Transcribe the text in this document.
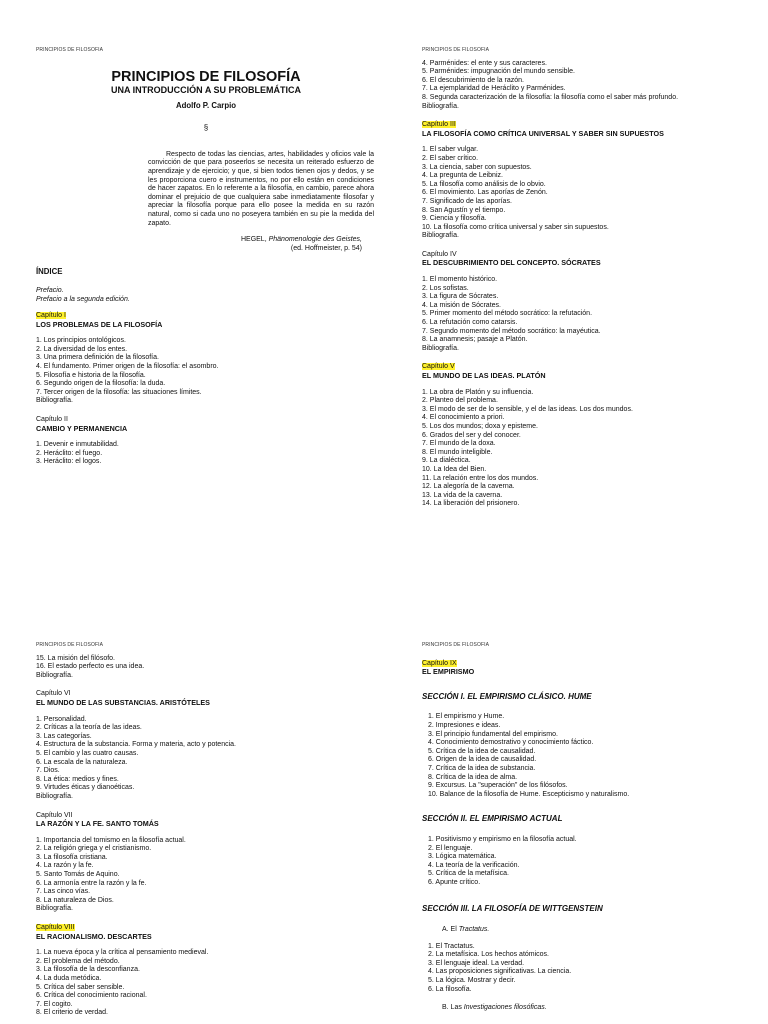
PRINCIPIOS DE FILOSOFIA
PRINCIPIOS DE FILOSOFÍA
UNA INTRODUCCIÓN A SU PROBLEMÁTICA
Adolfo P. Carpio
§
Respecto de todas las ciencias, artes, habilidades y oficios vale la convicción de que para poseerlos se necesita un reiterado esfuerzo de aprendizaje y de ejercicio; y que, si bien todos tienen ojos y dedos, y se les proporciona cuero e instrumentos, no por ello están en condiciones de hacer zapatos. En lo referente a la filosofía, en cambio, parece ahora dominar el prejuicio de que cualquiera sabe inmediatamente filosofar y apreciar la filosofía porque para ello posee la medida en su razón natural, como si cada uno no poseyera también en su pie la medida del zapato.
HEGEL, Phänomenologie des Geistes,
(ed. Hoffmeister, p. 54)
ÍNDICE
Prefacio.
Prefacio a la segunda edición.
Capítulo I
LOS PROBLEMAS DE LA FILOSOFÍA
1. Los principios ontológicos.
2. La diversidad de los entes.
3. Una primera definición de la filosofía.
4. El fundamento. Primer origen de la filosofía: el asombro.
5. Filosofía e historia de la filosofía.
6. Segundo origen de la filosofía: la duda.
7. Tercer origen de la filosofía: las situaciones límites.
Bibliografía.
Capítulo II
CAMBIO Y PERMANENCIA
1. Devenir e inmutabilidad.
2. Heráclito: el fuego.
3. Heráclito: el logos.
PRINCIPIOS DE FILOSOFIA
4. Parménides: el ente y sus caracteres.
5. Parménides: impugnación del mundo sensible.
6. El descubrimiento de la razón.
7. La ejemplaridad de Heráclito y Parménides.
8. Segunda caracterización de la filosofía: la filosofía como el saber más profundo.
Bibliografía.
Capítulo III
LA FILOSOFÍA COMO CRÍTICA UNIVERSAL Y SABER SIN SUPUESTOS
1. El saber vulgar.
2. El saber crítico.
3. La ciencia, saber con supuestos.
4. La pregunta de Leibniz.
5. La filosofía como análisis de lo obvio.
6. El movimiento. Las aporías de Zenón.
7. Significado de las aporías.
8. San Agustín y el tiempo.
9. Ciencia y filosofía.
10. La filosofía como crítica universal y saber sin supuestos.
Bibliografía.
Capítulo IV
EL DESCUBRIMIENTO DEL CONCEPTO. SÓCRATES
1. El momento histórico.
2. Los sofistas.
3. La figura de Sócrates.
4. La misión de Sócrates.
5. Primer momento del método socrático: la refutación.
6. La refutación como catarsis.
7. Segundo momento del método socrático: la mayéutica.
8. La anamnesis; pasaje a Platón.
Bibliografía.
Capítulo V
EL MUNDO DE LAS IDEAS. PLATÓN
1. La obra de Platón y su influencia.
2. Planteo del problema.
3. El modo de ser de lo sensible, y el de las ideas. Los dos mundos.
4. El conocimiento a priori.
5. Los dos mundos; doxa y episteme.
6. Grados del ser y del conocer.
7. El mundo de la doxa.
8. El mundo inteligible.
9. La dialéctica.
10. La Idea del Bien.
11. La relación entre los dos mundos.
12. La alegoría de la caverna.
13. La vida de la caverna.
14. La liberación del prisionero.
PRINCIPIOS DE FILOSOFIA
15. La misión del filósofo.
16. El estado perfecto es una idea.
Bibliografía.
Capítulo VI
EL MUNDO DE LAS SUBSTANCIAS. ARISTÓTELES
1. Personalidad.
2. Críticas a la teoría de las ideas.
3. Las categorías.
4. Estructura de la substancia. Forma y materia, acto y potencia.
5. El cambio y las cuatro causas.
6. La escala de la naturaleza.
7. Dios.
8. La ética: medios y fines.
9. Virtudes éticas y dianoéticas.
Bibliografía.
Capítulo VII
LA RAZÓN Y LA FE. SANTO TOMÁS
1. Importancia del tomismo en la filosofía actual.
2. La religión griega y el cristianismo.
3. La filosofía cristiana.
4. La razón y la fe.
5. Santo Tomás de Aquino.
6. La armonía entre la razón y la fe.
7. Las cinco vías.
8. La naturaleza de Dios.
Bibliografía.
Capítulo VIII
EL RACIONALISMO. DESCARTES
1. La nueva época y la crítica al pensamiento medieval.
2. El problema del método.
3. La filosofía de la desconfianza.
4. La duda metódica.
5. Crítica del saber sensible.
6. Crítica del conocimiento racional.
7. El cogito.
8. El criterio de verdad.
PRINCIPIOS DE FILOSOFIA
Capítulo IX
EL EMPIRISMO
SECCIÓN I. EL EMPIRISMO CLÁSICO. HUME
1. El empirismo y Hume.
2. Impresiones e ideas.
3. El principio fundamental del empirismo.
4. Conocimiento demostrativo y conocimiento fáctico.
5. Crítica de la idea de causalidad.
6. Origen de la idea de causalidad.
7. Crítica de la idea de substancia.
8. Crítica de la idea de alma.
9. Excursus. La "superación" de los filósofos.
10. Balance de la filosofía de Hume. Escepticismo y naturalismo.
SECCIÓN II. EL EMPIRISMO ACTUAL
1. Positivismo y empirismo en la filosofía actual.
2. El lenguaje.
3. Lógica matemática.
4. La teoría de la verificación.
5. Crítica de la metafísica.
6. Apunte crítico.
SECCIÓN III. LA FILOSOFÍA DE WITTGENSTEIN
A. El Tractatus.
1. El Tractatus.
2. La metafísica. Los hechos atómicos.
3. El lenguaje ideal. La verdad.
4. Las proposiciones significativas. La ciencia.
5. La lógica. Mostrar y decir.
6. La filosofía.
B. Las Investigaciones filosóficas.
